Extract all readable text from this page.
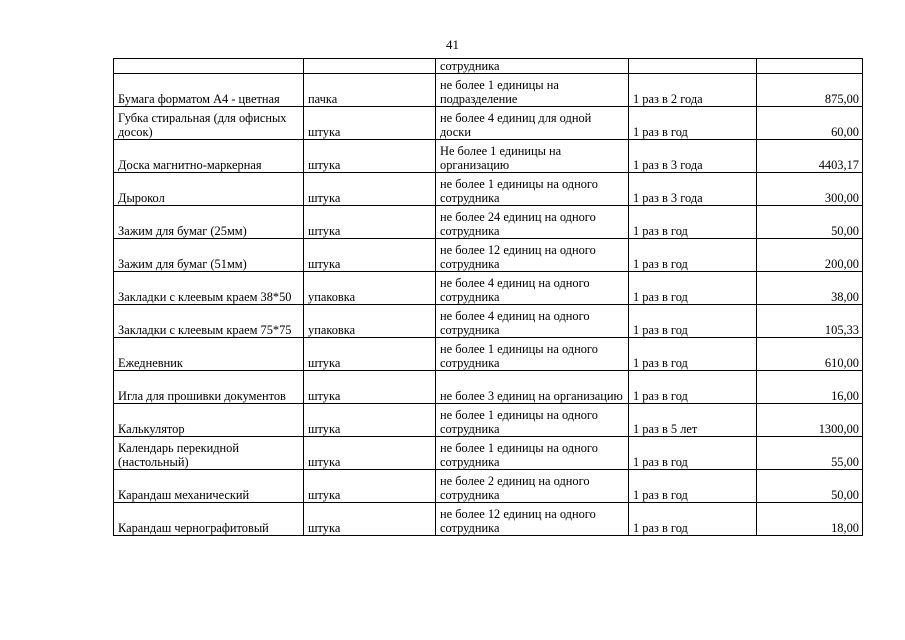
41
		сотрудника		
Бумага форматом А4 - цветная	пачка	не более 1 единицы на подразделение	1 раз в 2 года	875,00
Губка стиральная (для офисных досок)	штука	не более 4 единиц для одной доски	1 раз в год	60,00
Доска магнитно-маркерная	штука	Не более 1 единицы на организацию	1 раз в 3 года	4403,17
Дырокол	штука	не более 1 единицы на одного сотрудника	1 раз в 3 года	300,00
Зажим для бумаг (25мм)	штука	не более 24 единиц на одного сотрудника	1 раз в год	50,00
Зажим для бумаг (51мм)	штука	не более 12 единиц на одного сотрудника	1 раз в год	200,00
Закладки с клеевым краем 38*50	упаковка	не более 4 единиц на одного сотрудника	1 раз в год	38,00
Закладки с клеевым краем 75*75	упаковка	не более 4 единиц на одного сотрудника	1 раз в год	105,33
Ежедневник	штука	не более 1 единицы на одного сотрудника	1 раз в год	610,00
Игла для прошивки документов	штука	не более 3 единиц на организацию	1 раз в год	16,00
Калькулятор	штука	не более 1 единицы на одного сотрудника	1 раз в 5 лет	1300,00
Календарь перекидной (настольный)	штука	не более 1 единицы на одного сотрудника	1 раз в год	55,00
Карандаш механический	штука	не более 2 единиц на одного сотрудника	1 раз в год	50,00
Карандаш чернографитовый	штука	не более 12 единиц на одного сотрудника	1 раз в год	18,00
